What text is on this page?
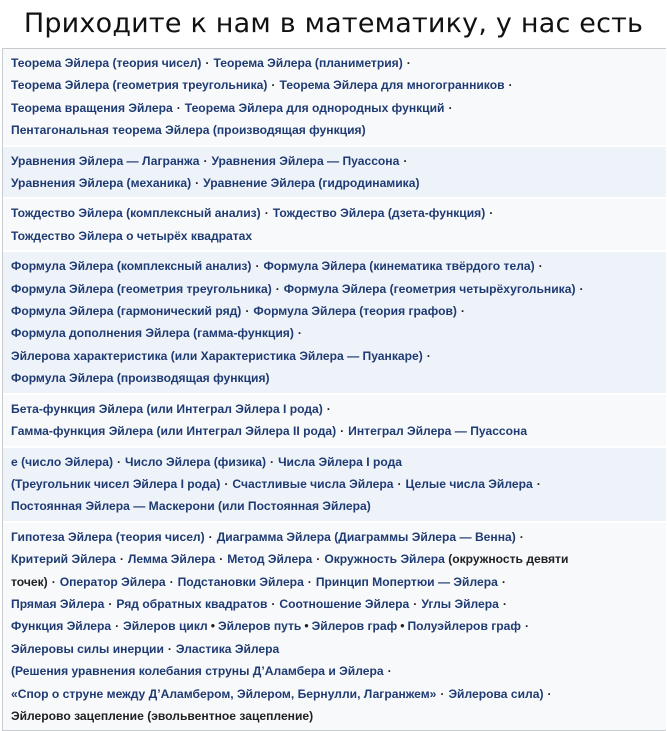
Приходите к нам в математику, у нас есть
Теорема Эйлера (теория чисел) · Теорема Эйлера (планиметрия) ·
Теорема Эйлера (геометрия треугольника) · Теорема Эйлера для многогранников ·
Теорема вращения Эйлера · Теорема Эйлера для однородных функций ·
Пентагональная теорема Эйлера (производящая функция)
Уравнения Эйлера — Лагранжа · Уравнения Эйлера — Пуассона ·
Уравнения Эйлера (механика) · Уравнение Эйлера (гидродинамика)
Тождество Эйлера (комплексный анализ) · Тождество Эйлера (дзета-функция) ·
Тождество Эйлера о четырёх квадратах
Формула Эйлера (комплексный анализ) · Формула Эйлера (кинематика твёрдого тела) ·
Формула Эйлера (геометрия треугольника) · Формула Эйлера (геометрия четырёхугольника) ·
Формула Эйлера (гармонический ряд) · Формула Эйлера (теория графов) ·
Формула дополнения Эйлера (гамма-функция) ·
Эйлерова характеристика (или Характеристика Эйлера — Пуанкаре) ·
Формула Эйлера (производящая функция)
Бета-функция Эйлера (или Интеграл Эйлера I рода) ·
Гамма-функция Эйлера (или Интеграл Эйлера II рода) · Интеграл Эйлера — Пуассона
e (число Эйлера) · Число Эйлера (физика) · Числа Эйлера I рода
(Треугольник чисел Эйлера I рода) · Счастливые числа Эйлера · Целые числа Эйлера ·
Постоянная Эйлера — Маскерони (или Постоянная Эйлера)
Гипотеза Эйлера (теория чисел) · Диаграмма Эйлера (Диаграммы Эйлера — Венна) ·
Критерий Эйлера · Лемма Эйлера · Метод Эйлера · Окружность Эйлера (окружность девяти
точек) · Оператор Эйлера · Подстановки Эйлера · Принцип Мопертюи — Эйлера ·
Прямая Эйлера · Ряд обратных квадратов · Соотношение Эйлера · Углы Эйлера ·
Функция Эйлера · Эйлеров цикл • Эйлеров путь • Эйлеров граф • Полуэйлеров граф ·
Эйлеровы силы инерции · Эластика Эйлера
(Решения уравнения колебания струны Д’Аламбера и Эйлера ·
«Спор о струне между Д’Аламбером, Эйлером, Бернулли, Лагранжем» · Эйлерова сила) ·
Эйлерово зацепление (эвольвентное зацепление)
